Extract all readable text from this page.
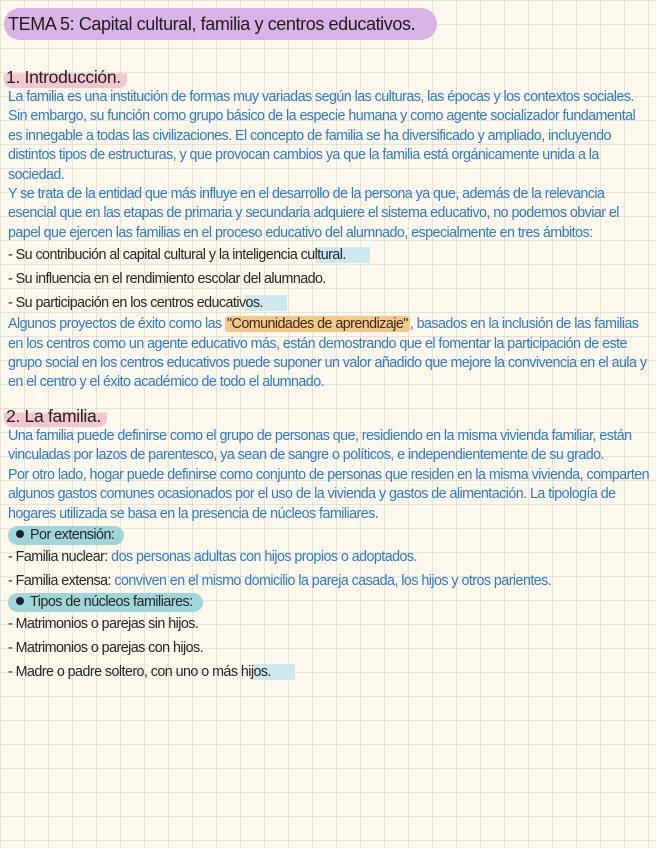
TEMA 5: Capital cultural, familia y centros educativos.
1. Introducción.

La familia es una institución de formas muy variadas según las culturas, las épocas y los contextos sociales. Sin embargo, su función como grupo básico de la especie humana y como agente socializador fundamental es innegable a todas las civilizaciones. El concepto de familia se ha diversificado y ampliado, incluyendo distintos tipos de estructuras, y que provocan cambios ya que la familia está orgánicamente unida a la sociedad.

Y se trata de la entidad que más influye en el desarrollo de la persona ya que, además de la relevancia esencial que en las etapas de primaria y secundaria adquiere el sistema educativo, no podemos obviar el papel que ejercen las familias en el proceso educativo del alumnado, especialmente en tres ámbitos:

- Su contribución al capital cultural y la inteligencia cultural.
- Su influencia en el rendimiento escolar del alumnado.
- Su participación en los centros educativos.

Algunos proyectos de éxito como las "Comunidades de aprendizaje" , basados en la inclusión de las familias en los centros como un agente educativo más, están demostrando que el fomentar la participación de este grupo social en los centros educativos puede suponer un valor añadido que mejore la convivencia en el aula y en el centro y el éxito académico de todo el alumnado.

2. La familia.

Una familia puede definirse como el grupo de personas que, residiendo en la misma vivienda familiar, están vinculadas por lazos de parentesco, ya sean de sangre o políticos, e independientemente de su grado.

Por otro lado, hogar puede definirse como conjunto de personas que residen en la misma vivienda, comparten algunos gastos comunes ocasionados por el uso de la vivienda y gastos de alimentación. La tipología de hogares utilizada se basa en la presencia de núcleos familiares.

Por extensión:
- Familia nuclear: dos personas adultas con hijos propios o adoptados.
- Familia extensa: conviven en el mismo domicilio la pareja casada, los hijos y otros parientes.
Tipos de núcleos familiares:
- Matrimonios o parejas sin hijos.
- Matrimonios o parejas con hijos.
- Madre o padre soltero, con uno o más hijos.
